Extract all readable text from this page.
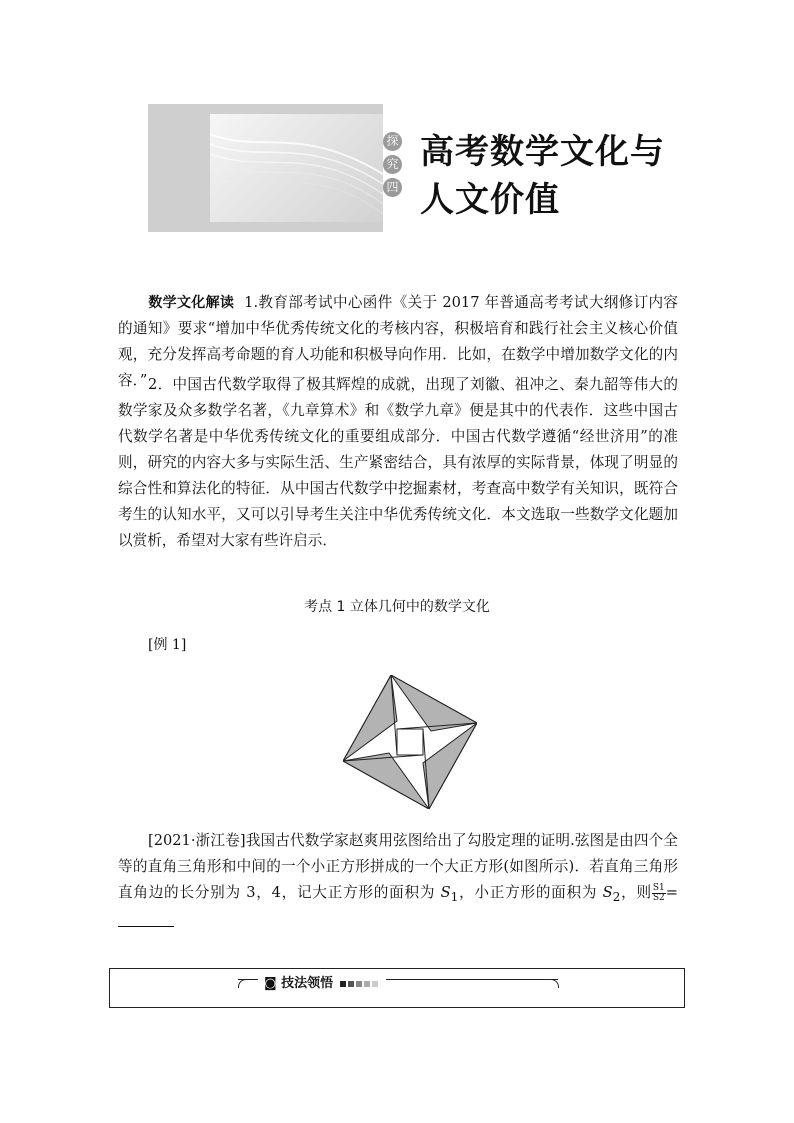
探
究
四
高考数学文化与
人文价值

数学文化解读 1.教育部考试中心函件《关于 2017 年普通高考考试大纲修订内容的通知》要求“增加中华优秀传统文化的考核内容，积极培育和践行社会主义核心价值观，充分发挥高考命题的育人功能和积极导向作用．比如，在数学中增加数学文化的内容．” 2．中国古代数学取得了极其辉煌的成就，出现了刘徽、祖冲之、秦九韶等伟大的数学家及众多数学名著，《九章算术》和《数学九章》便是其中的代表作．这些中国古代数学名著是中华优秀传统文化的重要组成部分．中国古代数学遵循“经世济用”的准则，研究的内容大多与实际生活、生产紧密结合，具有浓厚的实际背景，体现了明显的综合性和算法化的特征．从中国古代数学中挖掘素材，考查高中数学有关知识，既符合考生的认知水平，又可以引导考生关注中华优秀传统文化．本文选取一些数学文化题加以赏析，希望对大家有些许启示．

考点 1 立体几何中的数学文化
[例 1]

[2021·浙江卷]我国古代数学家赵爽用弦图给出了勾股定理的证明.弦图是由四个全等的直角三角形和中间的一个小正方形拼成的一个大正方形(如图所示)．若直角三角形直角边的长分别为 3，4，记大正方形的面积为 $S_1$，小正方形的面积为 $S_2$，则 $\frac{S1}{S2}$ =

◙ 技法领悟
